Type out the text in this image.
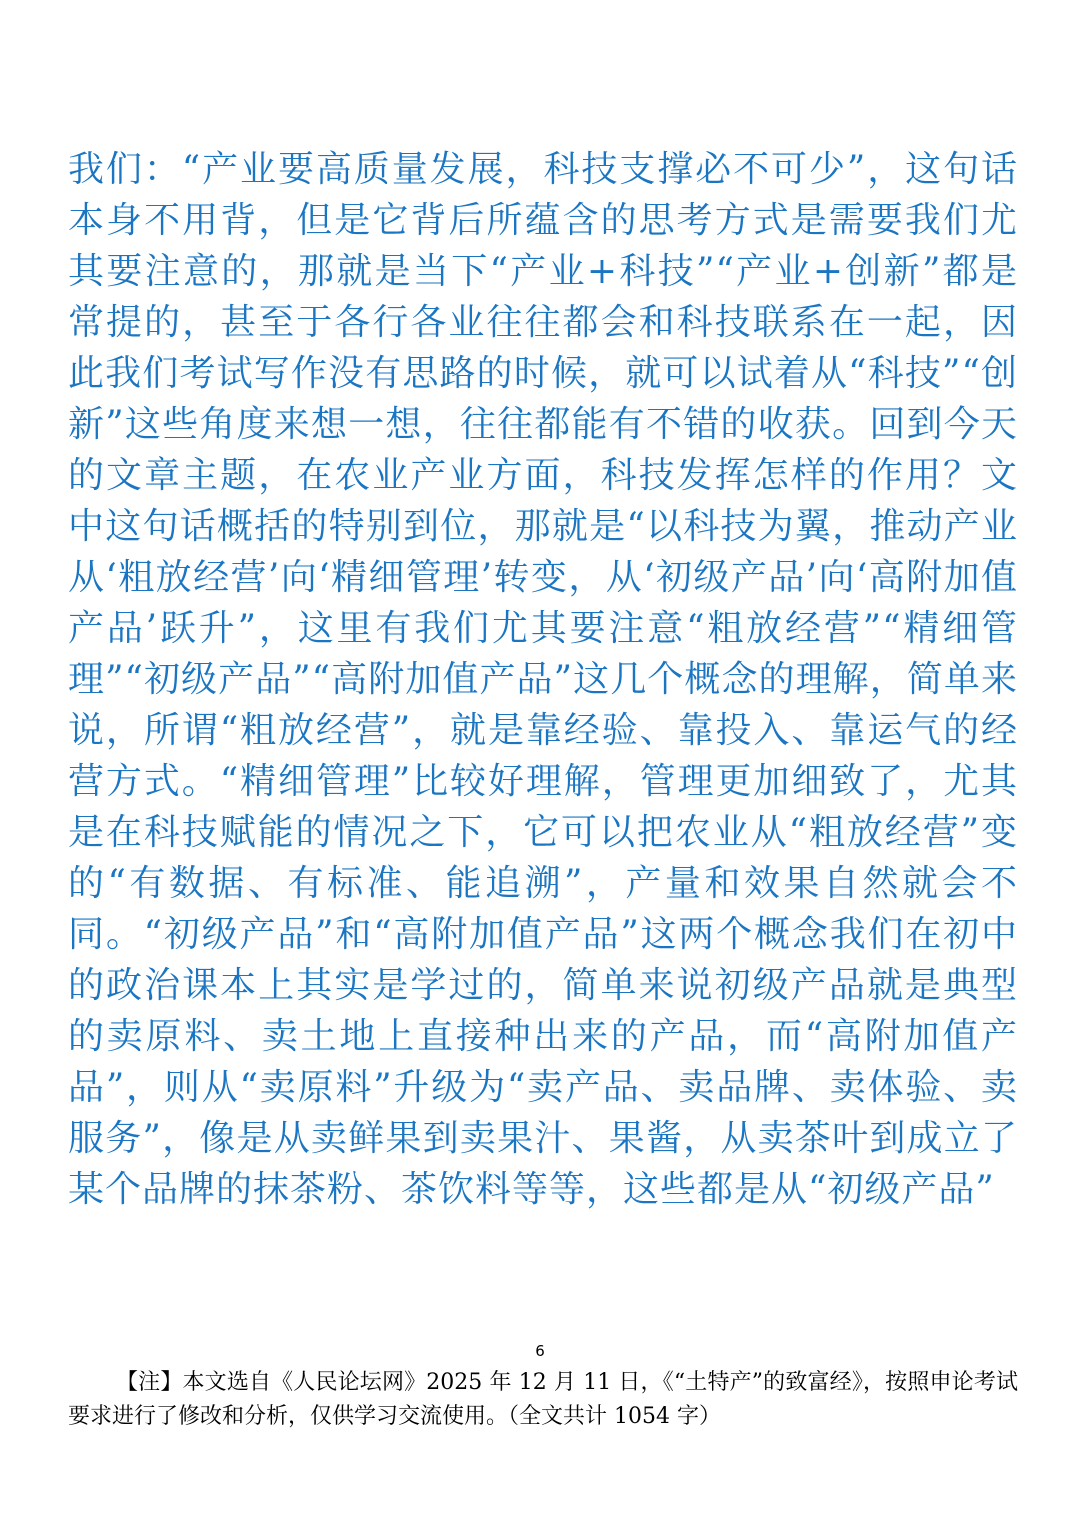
我们：“产业要高质量发展，科技支撑必不可少”，这句话本身不用背，但是它背后所蕴含的思考方式是需要我们尤其要注意的，那就是当下“产业+科技”“产业+创新”都是常提的，甚至于各行各业往往都会和科技联系在一起，因此我们考试写作没有思路的时候，就可以试着从“科技”“创新”这些角度来想一想，往往都能有不错的收获。回到今天的文章主题，在农业产业方面，科技发挥怎样的作用？文中这句话概括的特别到位，那就是“以科技为翼，推动产业从‘粗放经营’向‘精细管理’转变，从‘初级产品’向‘高附加值产品’跃升”，这里有我们尤其要注意“粗放经营”“精细管理”“初级产品”“高附加值产品”这几个概念的理解，简单来说，所谓“粗放经营”，就是靠经验、靠投入、靠运气的经营方式。“精细管理”比较好理解，管理更加细致了，尤其是在科技赋能的情况之下，它可以把农业从“粗放经营”变的“有数据、有标准、能追溯”，产量和效果自然就会不同。“初级产品”和“高附加值产品”这两个概念我们在初中的政治课本上其实是学过的，简单来说初级产品就是典型的卖原料、卖土地上直接种出来的产品，而“高附加值产品”，则从“卖原料”升级为“卖产品、卖品牌、卖体验、卖服务”，像是从卖鲜果到卖果汁、果酱，从卖茶叶到成立了某个品牌的抹茶粉、茶饮料等等，这些都是从“初级产品”

6

【注】本文选自《人民论坛网》2025 年 12 月 11 日，《“土特产”的致富经》，按照申论考试要求进行了修改和分析，仅供学习交流使用。（全文共计 1054 字）
